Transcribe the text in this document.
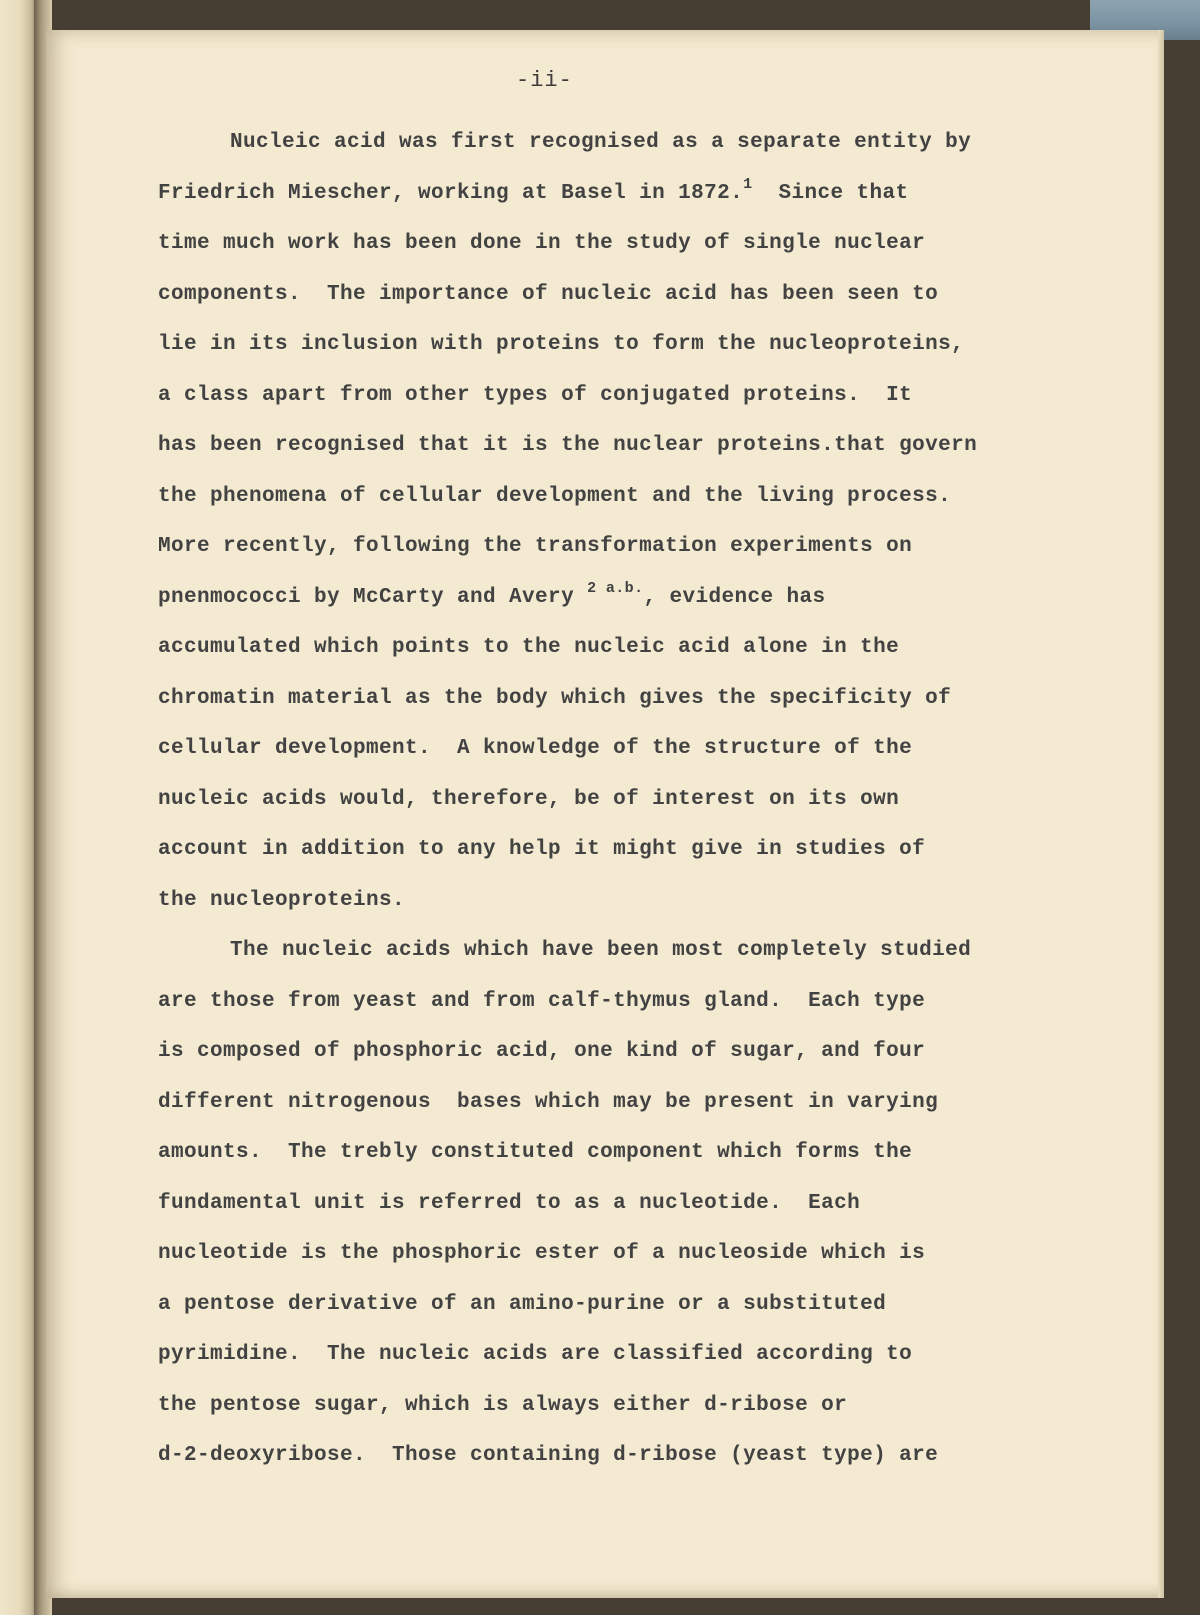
-ii-
Nucleic acid was first recognised as a separate entity by
Friedrich Miescher, working at Basel in 1872.$^1$  Since that
time much work has been done in the study of single nuclear
components.  The importance of nucleic acid has been seen to
lie in its inclusion with proteins to form the nucleoproteins,
a class apart from other types of conjugated proteins.  It
has been recognised that it is the nuclear proteins.that govern
the phenomena of cellular development and the living process.
More recently, following the transformation experiments on
pnenmococci by McCarty and Avery $^{2 a.b.}$, evidence has
accumulated which points to the nucleic acid alone in the
chromatin material as the body which gives the specificity of
cellular development.  A knowledge of the structure of the
nucleic acids would, therefore, be of interest on its own
account in addition to any help it might give in studies of
the nucleoproteins.
The nucleic acids which have been most completely studied
are those from yeast and from calf-thymus gland.  Each type
is composed of phosphoric acid, one kind of sugar, and four
different nitrogenous  bases which may be present in varying
amounts.  The trebly constituted component which forms the
fundamental unit is referred to as a nucleotide.  Each
nucleotide is the phosphoric ester of a nucleoside which is
a pentose derivative of an amino-purine or a substituted
pyrimidine.  The nucleic acids are classified according to
the pentose sugar, which is always either d-ribose or
d-2-deoxyribose.  Those containing d-ribose (yeast type) are
